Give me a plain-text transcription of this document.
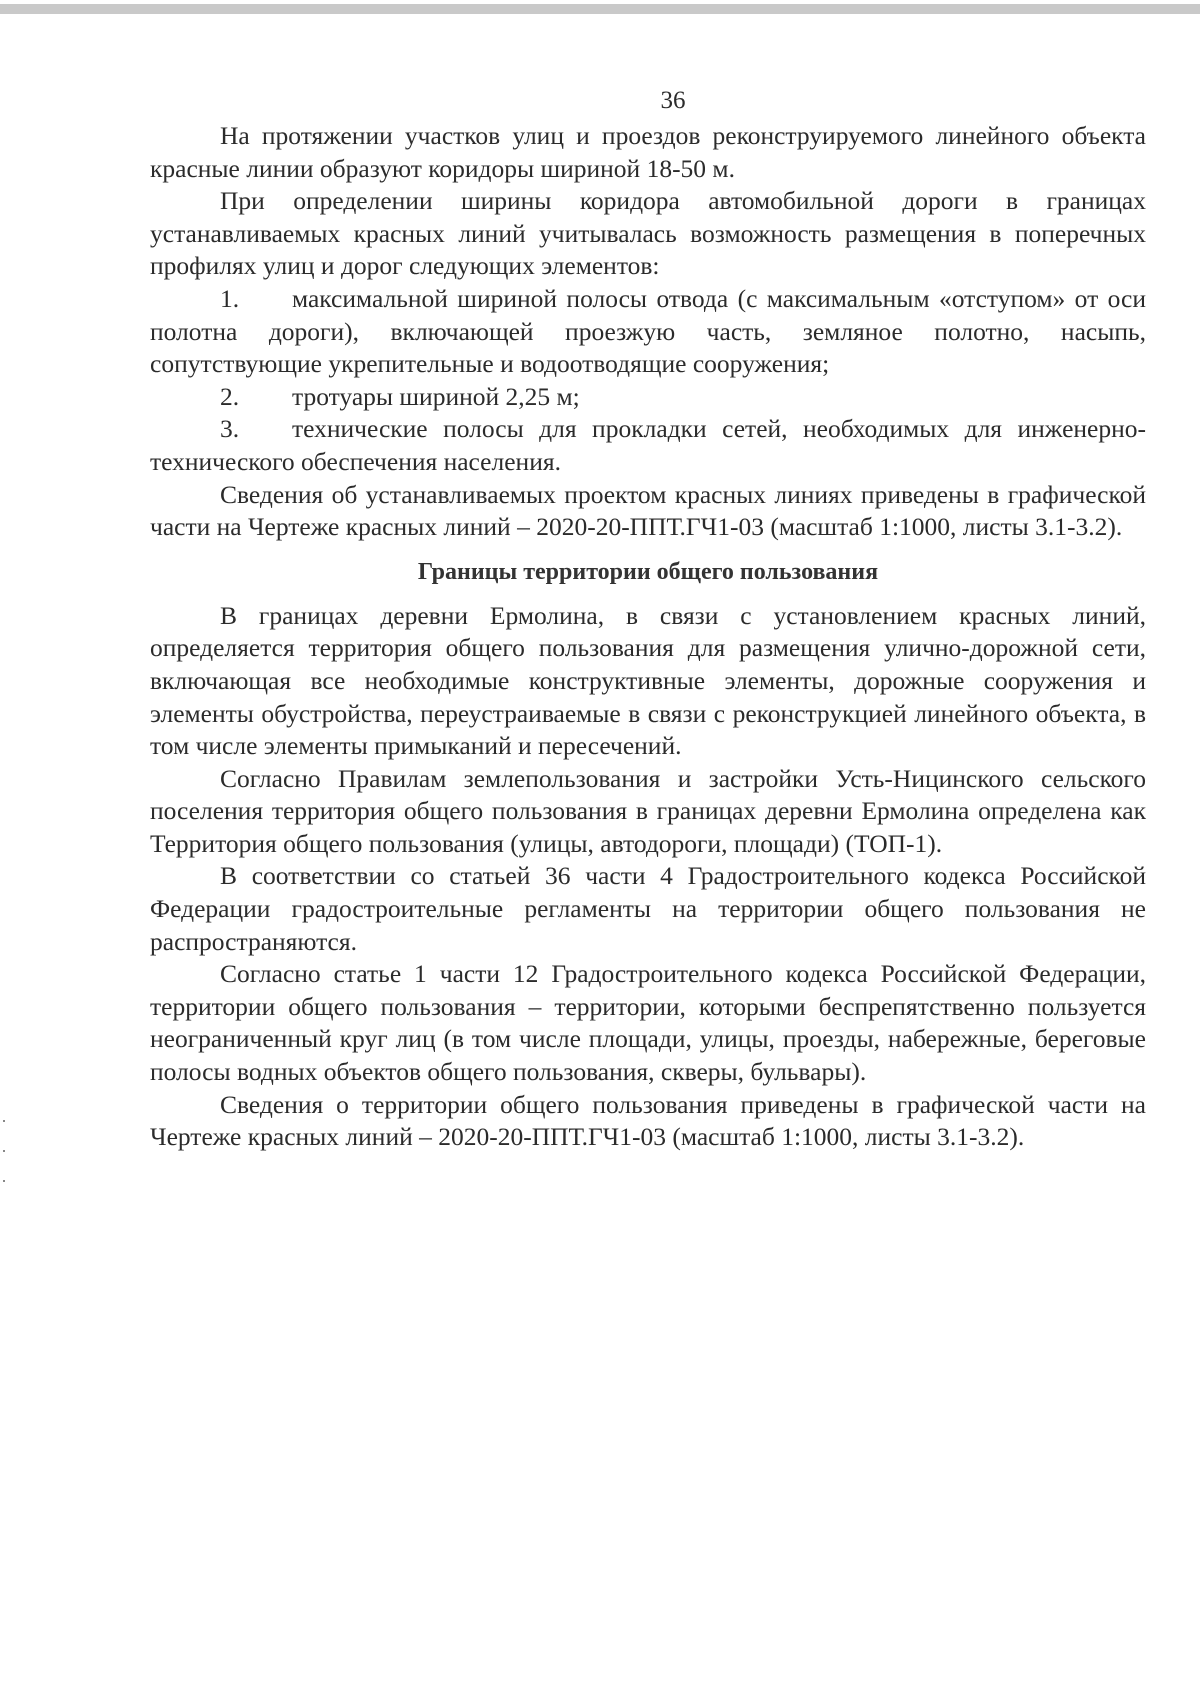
36

На протяжении участков улиц и проездов реконструируемого линейного объекта красные линии образуют коридоры шириной 18-50 м.

При определении ширины коридора автомобильной дороги в границах устанавливаемых красных линий учитывалась возможность размещения в поперечных профилях улиц и дорог следующих элементов:

1. максимальной шириной полосы отвода (с максимальным «отступом» от оси полотна дороги), включающей проезжую часть, земляное полотно, насыпь, сопутствующие укрепительные и водоотводящие сооружения;

2. тротуары шириной 2,25 м;

3. технические полосы для прокладки сетей, необходимых для инженерно-технического обеспечения населения.

Сведения об устанавливаемых проектом красных линиях приведены в графической части на Чертеже красных линий – 2020-20-ППТ.ГЧ1-03 (масштаб 1:1000, листы 3.1-3.2).

Границы территории общего пользования

В границах деревни Ермолина, в связи с установлением красных линий, определяется территория общего пользования для размещения улично-дорожной сети, включающая все необходимые конструктивные элементы, дорожные сооружения и элементы обустройства, переустраиваемые в связи с реконструкцией линейного объекта, в том числе элементы примыканий и пересечений.

Согласно Правилам землепользования и застройки Усть-Ницинского сельского поселения территория общего пользования в границах деревни Ермолина определена как Территория общего пользования (улицы, автодороги, площади) (ТОП-1).

В соответствии со статьей 36 части 4 Градостроительного кодекса Российской Федерации градостроительные регламенты на территории общего пользования не распространяются.

Согласно статье 1 части 12 Градостроительного кодекса Российской Федерации, территории общего пользования – территории, которыми беспрепятственно пользуется неограниченный круг лиц (в том числе площади, улицы, проезды, набережные, береговые полосы водных объектов общего пользования, скверы, бульвары).

Сведения о территории общего пользования приведены в графической части на Чертеже красных линий – 2020-20-ППТ.ГЧ1-03 (масштаб 1:1000, листы 3.1-3.2).
